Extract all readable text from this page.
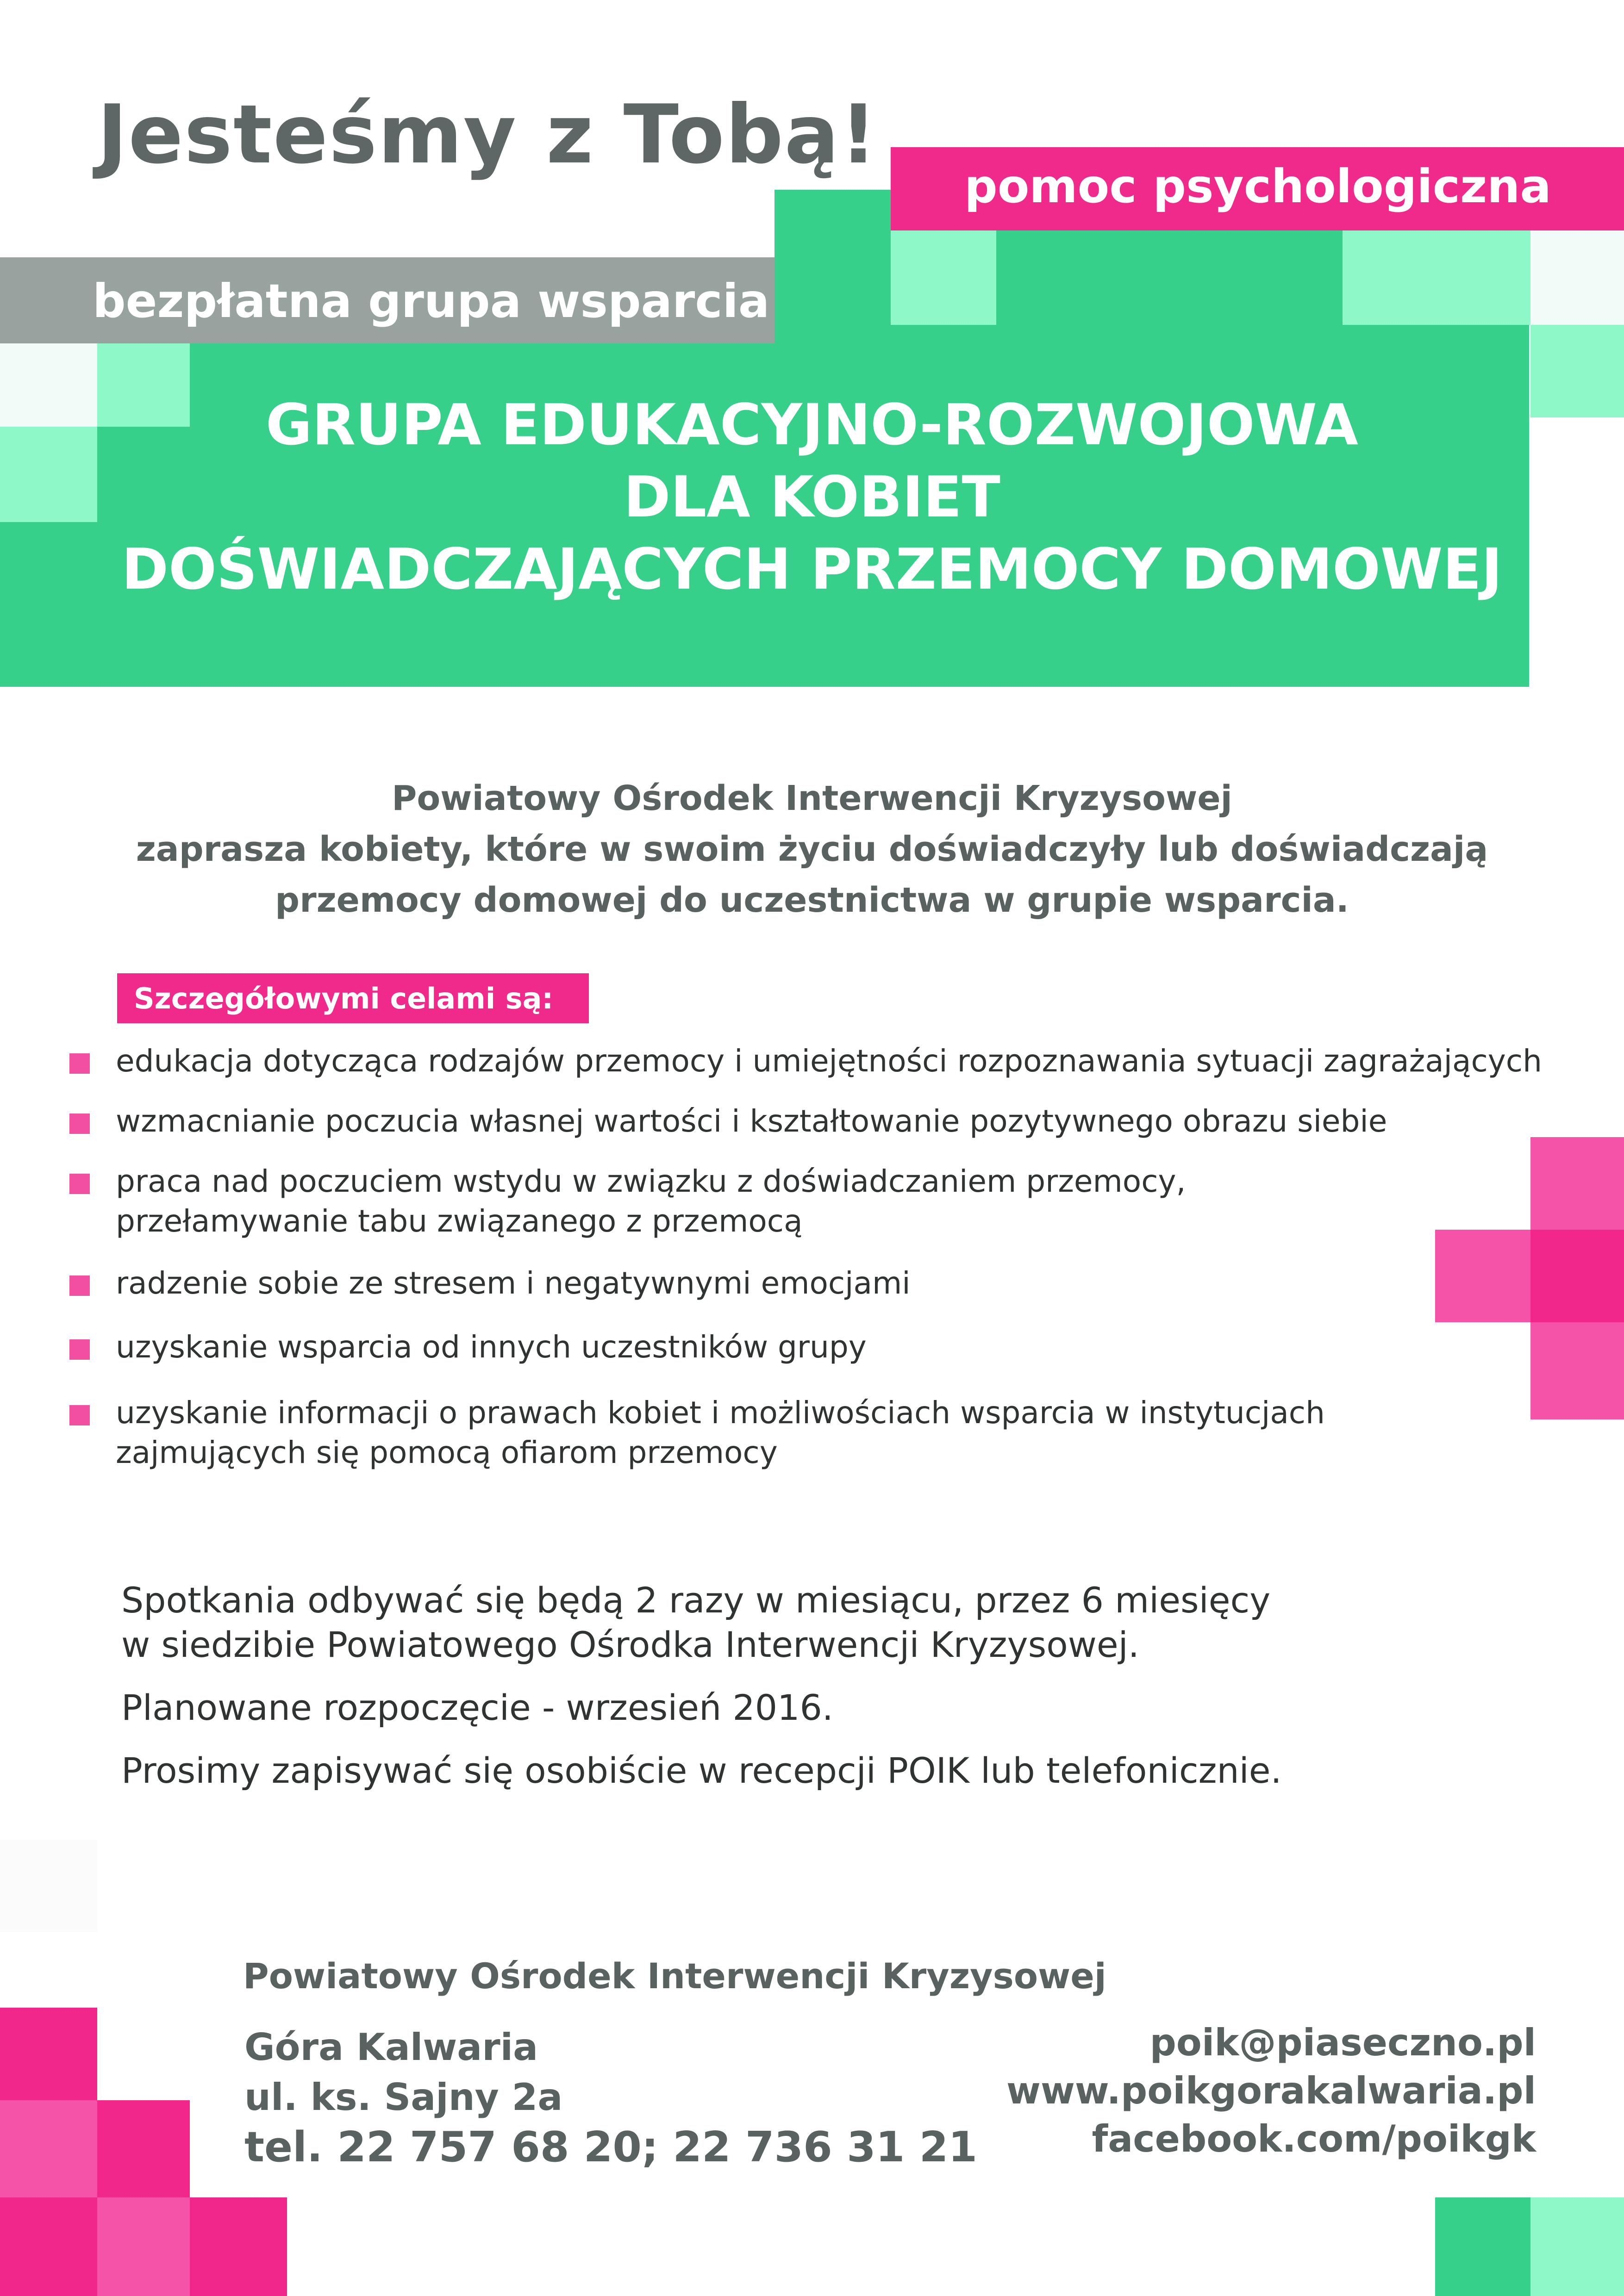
pomoc psychologiczna
bezpłatna grupa wsparcia
Jesteśmy z Tobą!
GRUPA EDUKACYJNO-ROZWOJOWA
DLA KOBIET
DOŚWIADCZAJĄCYCH PRZEMOCY DOMOWEJ
Powiatowy Ośrodek Interwencji Kryzysowej
zaprasza kobiety, które w swoim życiu doświadczyły lub doświadczają
przemocy domowej do uczestnictwa w grupie wsparcia.
Szczegółowymi celami są:
edukacja dotycząca rodzajów przemocy i umiejętności rozpoznawania sytuacji zagrażających
wzmacnianie poczucia własnej wartości i kształtowanie pozytywnego obrazu siebie
praca nad poczuciem wstydu w związku z doświadczaniem przemocy,
przełamywanie tabu związanego z przemocą
radzenie sobie ze stresem i negatywnymi emocjami
uzyskanie wsparcia od innych uczestników grupy
uzyskanie informacji o prawach kobiet i możliwościach wsparcia w instytucjach
zajmujących się pomocą ofiarom przemocy

Spotkania odbywać się będą 2 razy w miesiącu, przez 6 miesięcy
w siedzibie Powiatowego Ośrodka Interwencji Kryzysowej.

Planowane rozpoczęcie - wrzesień 2016.

Prosimy zapisywać się osobiście w recepcji POIK lub telefonicznie.

Powiatowy Ośrodek Interwencji Kryzysowej
Góra Kalwaria
ul. ks. Sajny 2a
tel. 22 757 68 20; 22 736 31 21
poik@piaseczno.pl
www.poikgorakalwaria.pl
facebook.com/poikgk
